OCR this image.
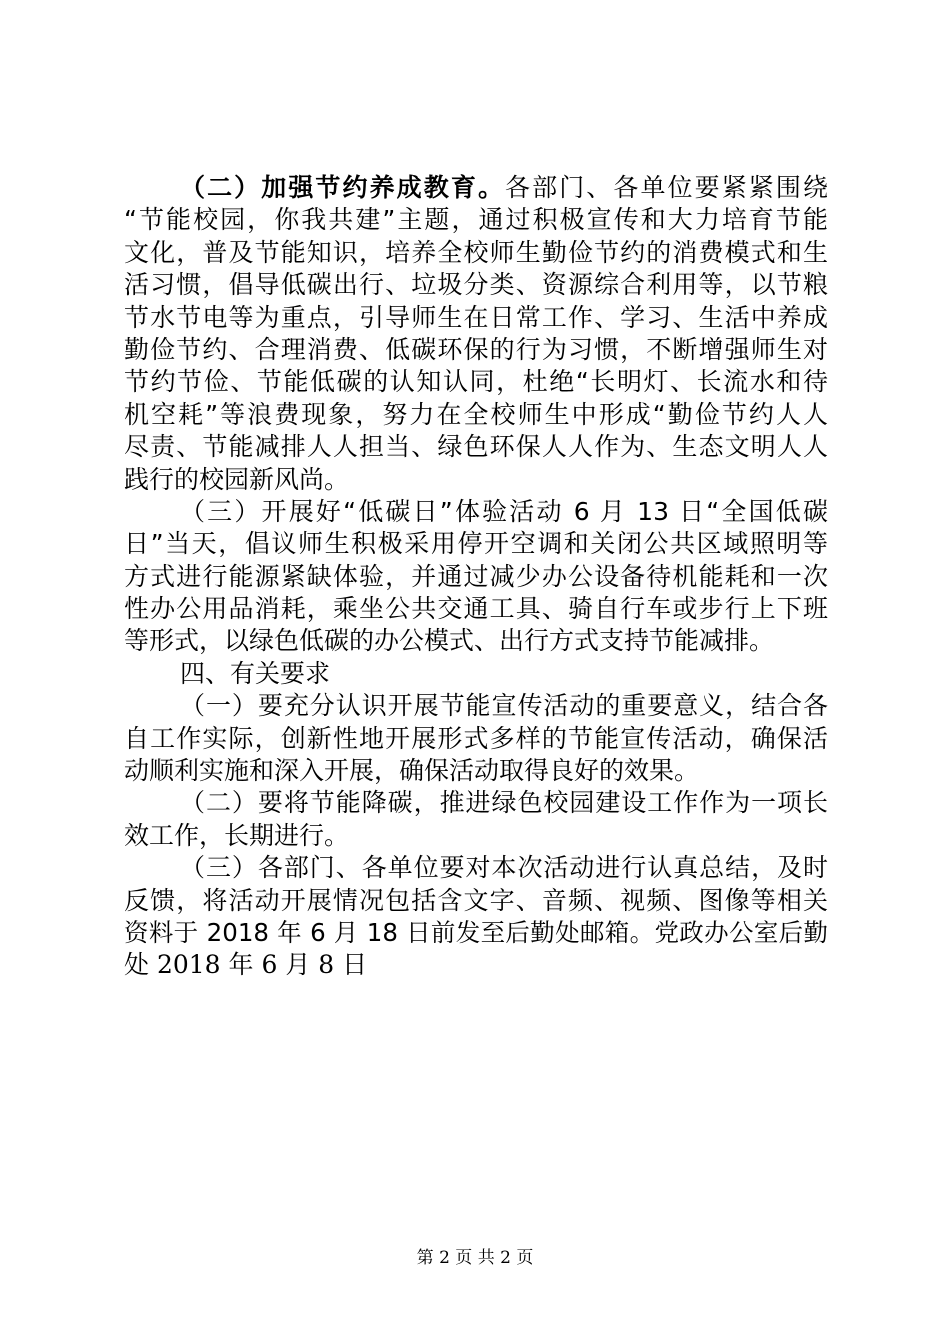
（二）加强节约养成教育。各部门、各单位要紧紧围绕
“节能校园，你我共建”主题，通过积极宣传和大力培育节能
文化，普及节能知识，培养全校师生勤俭节约的消费模式和生
活习惯，倡导低碳出行、垃圾分类、资源综合利用等，以节粮
节水节电等为重点，引导师生在日常工作、学习、生活中养成
勤俭节约、合理消费、低碳环保的行为习惯，不断增强师生对
节约节俭、节能低碳的认知认同，杜绝“长明灯、长流水和待
机空耗”等浪费现象，努力在全校师生中形成“勤俭节约人人
尽责、节能减排人人担当、绿色环保人人作为、生态文明人人
践行的校园新风尚。
（三）开展好“低碳日”体验活动 6 月 13 日“全国低碳
日”当天，倡议师生积极采用停开空调和关闭公共区域照明等
方式进行能源紧缺体验，并通过减少办公设备待机能耗和一次
性办公用品消耗，乘坐公共交通工具、骑自行车或步行上下班
等形式，以绿色低碳的办公模式、出行方式支持节能减排。
四、有关要求
（一）要充分认识开展节能宣传活动的重要意义，结合各
自工作实际，创新性地开展形式多样的节能宣传活动，确保活
动顺利实施和深入开展，确保活动取得良好的效果。
（二）要将节能降碳，推进绿色校园建设工作作为一项长
效工作，长期进行。
（三）各部门、各单位要对本次活动进行认真总结，及时
反馈，将活动开展情况包括含文字、音频、视频、图像等相关
资料于 2018 年 6 月 18 日前发至后勤处邮箱。党政办公室后勤
处 2018 年 6 月 8 日
第 2 页 共 2 页
